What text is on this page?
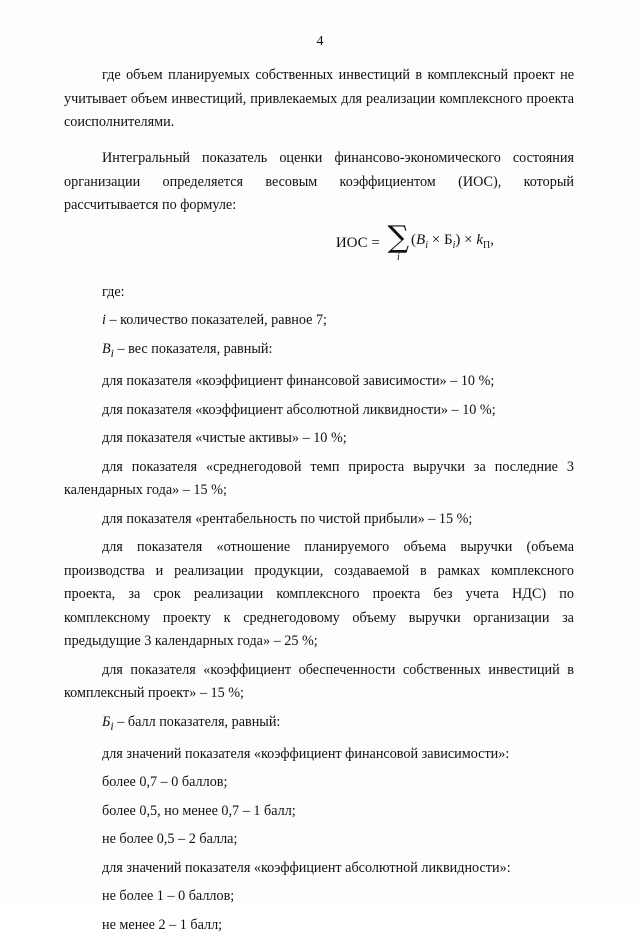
4

где объем планируемых собственных инвестиций в комплексный проект не учитывает объем инвестиций, привлекаемых для реализации комплексного проекта соисполнителями.

Интегральный показатель оценки финансово-экономического состояния организации определяется весовым коэффициентом (ИОС), который рассчитывается по формуле:

ИОС = ∑
i
$(B_i \times Б_i) \times k_П$,

где:

i – количество показателей, равное 7;

$B_i$ – вес показателя, равный:

для показателя «коэффициент финансовой зависимости» – 10 %;

для показателя «коэффициент абсолютной ликвидности» – 10 %;

для показателя «чистые активы» – 10 %;

для показателя «среднегодовой темп прироста выручки за последние 3 календарных года» – 15 %;

для показателя «рентабельность по чистой прибыли» – 15 %;

для показателя «отношение планируемого объема выручки (объема производства и реализации продукции, создаваемой в рамках комплексного проекта, за срок реализации комплексного проекта без учета НДС) по комплексному проекту к среднегодовому объему выручки организации за предыдущие 3 календарных года» – 25 %;

для показателя «коэффициент обеспеченности собственных инвестиций в комплексный проект» – 15 %;

$Б_i$ – балл показателя, равный:

для значений показателя «коэффициент финансовой зависимости»:

более 0,7 – 0 баллов;

более 0,5, но менее 0,7 – 1 балл;

не более 0,5 – 2 балла;

для значений показателя «коэффициент абсолютной ликвидности»:

не более 1 – 0 баллов;

не менее 2 – 1 балл;
